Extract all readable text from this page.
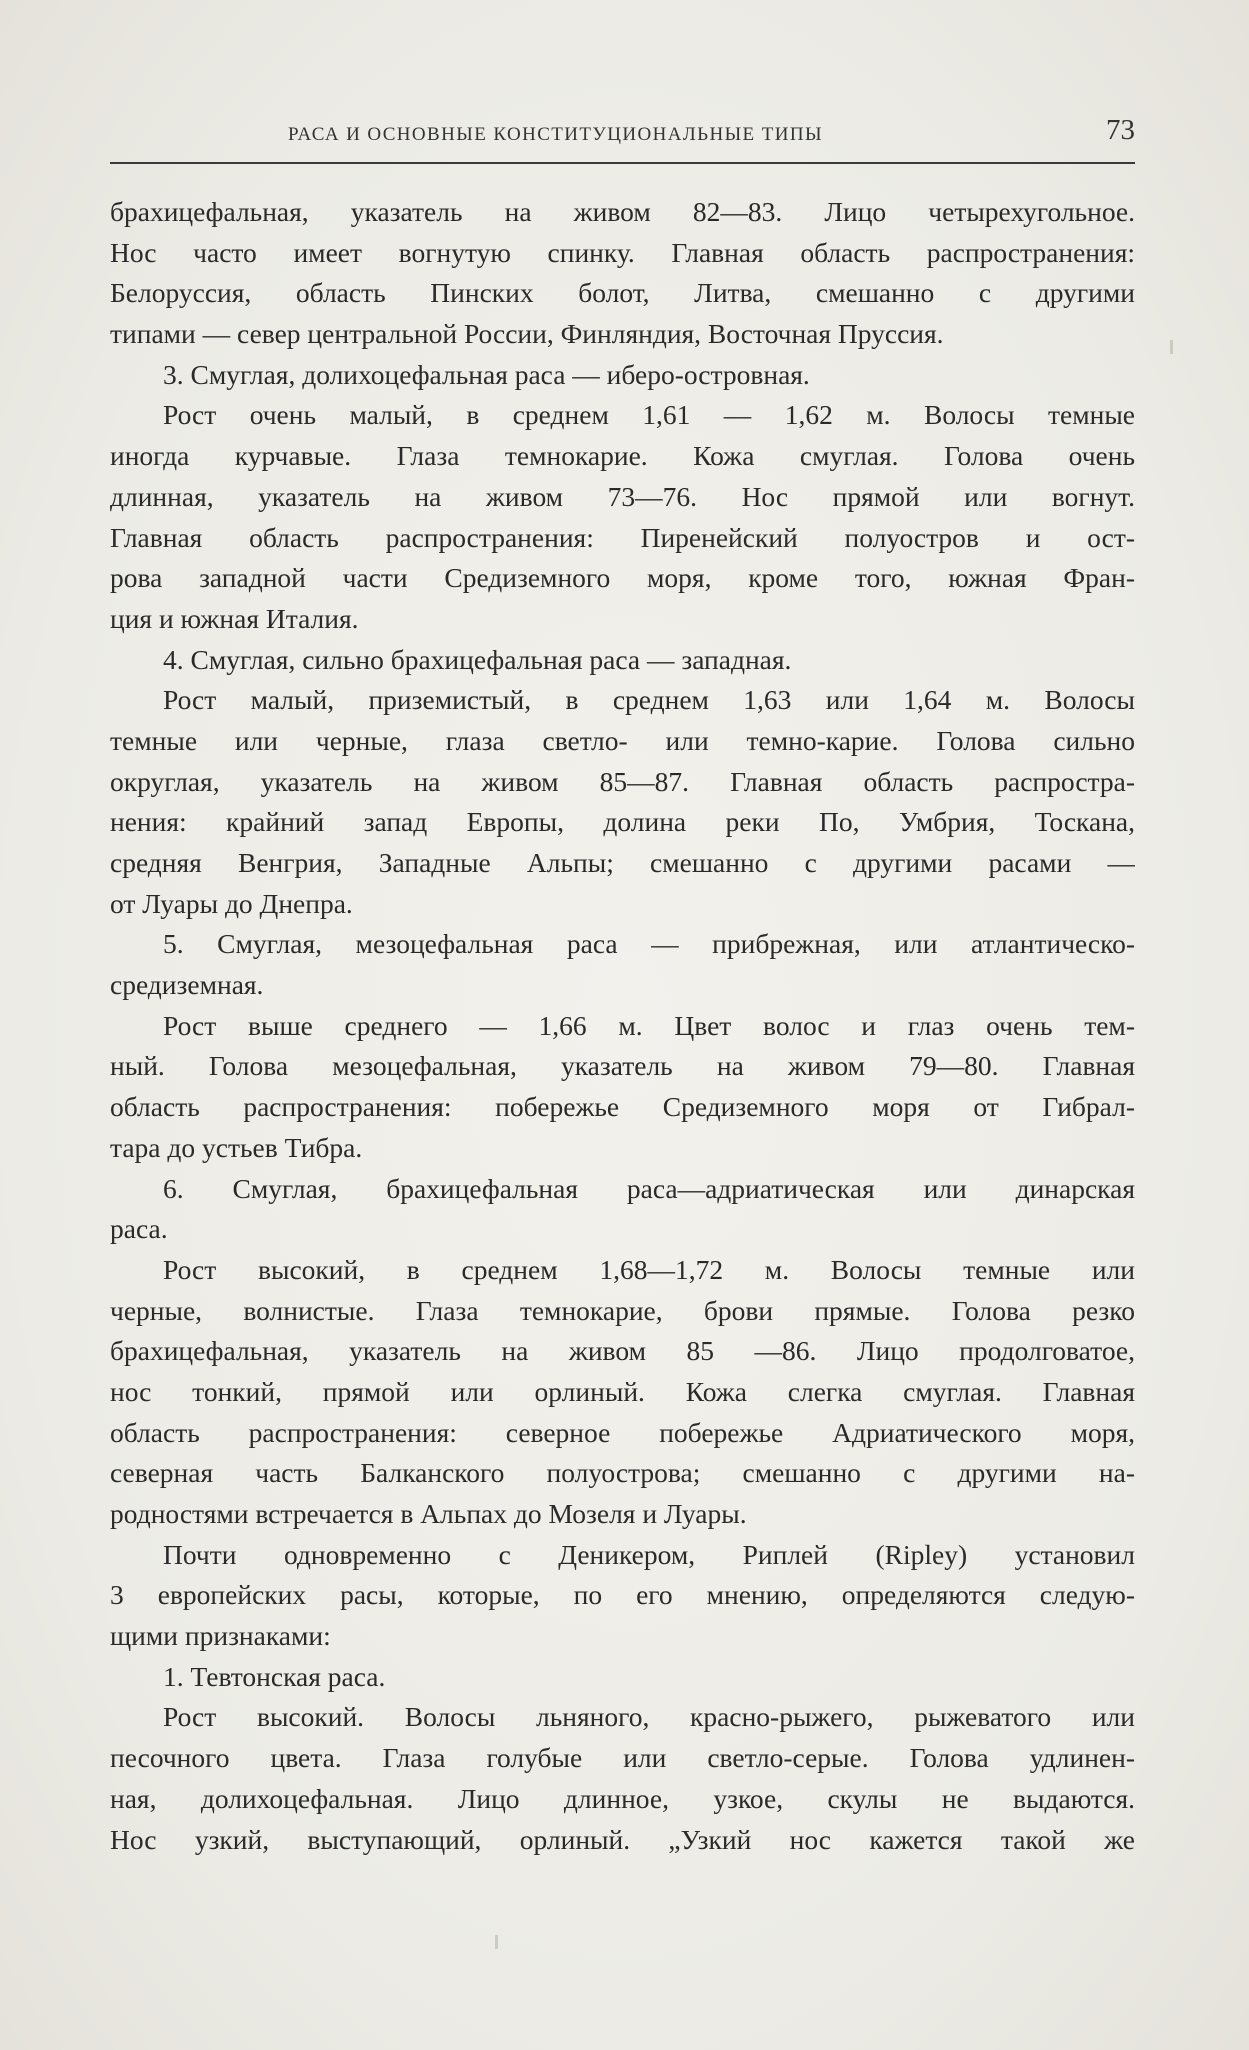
РАСА И ОСНОВНЫЕ КОНСТИТУЦИОНАЛЬНЫЕ ТИПЫ	73
брахицефальная, указатель на живом 82—83. Лицо четырехугольное.
Нос часто имеет вогнутую спинку. Главная область распространения:
Белоруссия, область Пинских болот, Литва, смешанно с другими
типами — север центральной России, Финляндия, Восточная Пруссия.
3. Смуглая, долихоцефальная раса — иберо-островная.
Рост очень малый, в среднем 1,61 — 1,62 м. Волосы темные
иногда курчавые. Глаза темнокарие. Кожа смуглая. Голова очень
длинная, указатель на живом 73—76. Нос прямой или вогнут.
Главная область распространения: Пиренейский полуостров и ост-
рова западной части Средиземного моря, кроме того, южная Фран-
ция и южная Италия.
4. Смуглая, сильно брахицефальная раса — западная.
Рост малый, приземистый, в среднем 1,63 или 1,64 м. Волосы
темные или черные, глаза светло- или темно-карие. Голова сильно
округлая, указатель на живом 85—87. Главная область распростра-
нения: крайний запад Европы, долина реки По, Умбрия, Тоскана,
средняя Венгрия, Западные Альпы; смешанно с другими расами —
от Луары до Днепра.
5. Смуглая, мезоцефальная раса — прибрежная, или атлантическо-
средиземная.
Рост выше среднего — 1,66 м. Цвет волос и глаз очень тем-
ный. Голова мезоцефальная, указатель на живом 79—80. Главная
область распространения: побережье Средиземного моря от Гибрал-
тара до устьев Тибра.
6. Смуглая, брахицефальная раса—адриатическая или динарская
раса.
Рост высокий, в среднем 1,68—1,72 м. Волосы темные или
черные, волнистые. Глаза темнокарие, брови прямые. Голова резко
брахицефальная, указатель на живом 85 —86. Лицо продолговатое,
нос тонкий, прямой или орлиный. Кожа слегка смуглая. Главная
область распространения: северное побережье Адриатического моря,
северная часть Балканского полуострова; смешанно с другими на-
родностями встречается в Альпах до Мозеля и Луары.
Почти одновременно с Деникером, Риплей (Ripley) установил
3 европейских расы, которые, по его мнению, определяются следую-
щими признаками:
1. Тевтонская раса.
Рост высокий. Волосы льняного, красно-рыжего, рыжеватого или
песочного цвета. Глаза голубые или светло-серые. Голова удлинен-
ная, долихоцефальная. Лицо длинное, узкое, скулы не выдаются.
Нос узкий, выступающий, орлиный. „Узкий нос кажется такой же
